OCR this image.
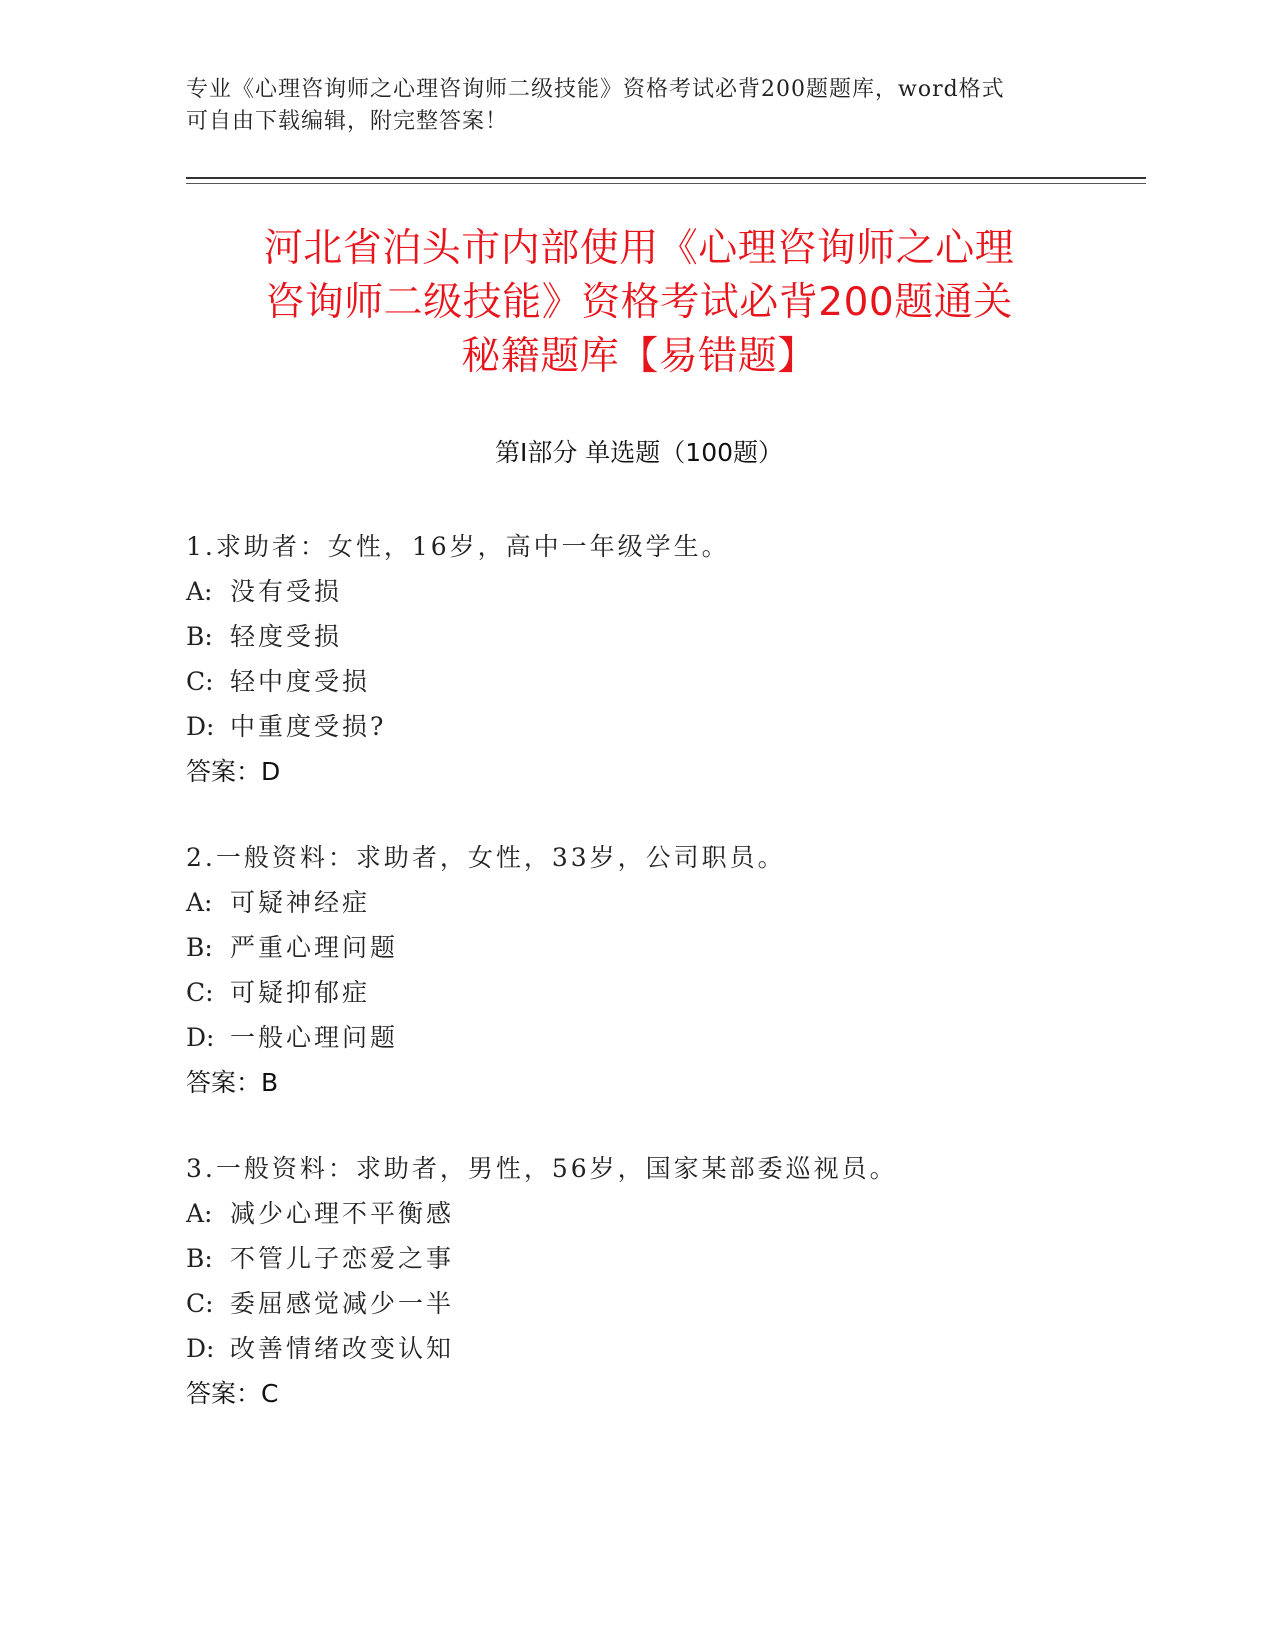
专业《心理咨询师之心理咨询师二级技能》资格考试必背200题题库，word格式
可自由下载编辑，附完整答案！
河北省泊头市内部使用《心理咨询师之心理
咨询师二级技能》资格考试必背200题通关
秘籍题库【易错题】
第Ⅰ部分 单选题（100题）
1.求助者：女性，16岁，高中一年级学生。
A: 没有受损
B: 轻度受损
C: 轻中度受损
D: 中重度受损?
答案：D
2.一般资料：求助者，女性，33岁，公司职员。
A: 可疑神经症
B: 严重心理问题
C: 可疑抑郁症
D: 一般心理问题
答案：B
3.一般资料：求助者，男性，56岁，国家某部委巡视员。
A: 减少心理不平衡感
B: 不管儿子恋爱之事
C: 委屈感觉减少一半
D: 改善情绪改变认知
答案：C
